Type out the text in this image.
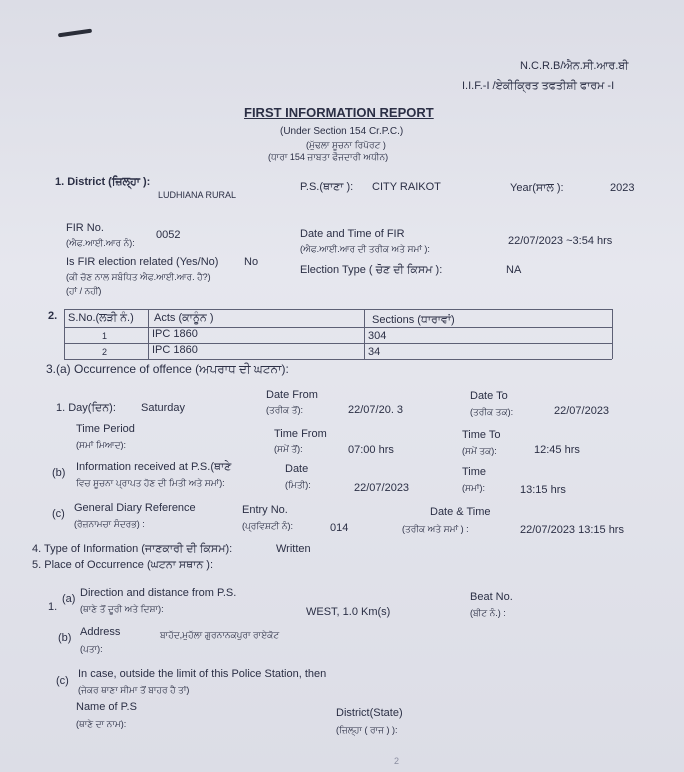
N.C.R.B/ਐਨ.ਸੀ.ਆਰ.ਬੀ
I.I.F.-I /ਏਕੀਕ੍ਰਿਤ ਤਫਤੀਸ਼ੀ ਫਾਰਮ -I
FIRST INFORMATION REPORT
(Under Section 154 Cr.P.C.)
(ਮੁੱਢਲਾ ਸੂਚਨਾ ਰਿਪੋਰਟ )
(ਧਾਰਾ 154 ਜ਼ਾਬਤਾ ਫੌਜਦਾਰੀ ਅਧੀਨ)
1. District (ਜ਼ਿਲ੍ਹਾ ):
LUDHIANA RURAL
P.S.(ਥਾਣਾ ): CITY RAIKOT	Year(ਸਾਲ ):	2023
FIR No.
(ਐਫ.ਆਈ.ਆਰ ਨੰ):
0052	Date and Time of FIR
(ਐਫ.ਆਈ.ਆਰ ਦੀ ਤਰੀਕ ਅਤੇ ਸਮਾਂ ):
22/07/2023 ~3:54 hrs
Is FIR election related (Yes/No) No
(ਕੀ ਚੋਣ ਨਾਲ ਸਬੰਧਿਤ ਐਫ.ਆਈ.ਆਰ. ਹੈ?)
(ਹਾਂ / ਨਹੀਂ)
Election Type ( ਚੋਣ ਦੀ ਕਿਸਮ ):	NA
2. S.No.(ਲੜੀ ਨੰ.) Acts (ਕਾਨੂੰਨ )	Sections (ਧਾਰਾਵਾਂ)
1	IPC 1860	304
2	IPC 1860	34
3.(a) Occurrence of offence (ਅਪਰਾਧ ਦੀ ਘਟਨਾ):
Date From
(ਤਰੀਕ ਤੋਂ):	22/07/20. 3
Date To
(ਤਰੀਕ ਤਕ):	22/07/2023
1. Day(ਦਿਨ): Saturday
Time Period
(ਸਮਾਂ ਮਿਆਦ):
Time From
(ਸਮੇਂ ਤੋਂ):	07:00 hrs
Time To
(ਸਮੇਂ ਤਕ):	12:45 hrs
(b) Information received at P.S.(ਥਾਣੇ
ਵਿਚ ਸੂਚਨਾ ਪ੍ਰਾਪਤ ਹੋਣ ਦੀ ਮਿਤੀ ਅਤੇ ਸਮਾਂ):
Date
(ਮਿਤੀ):	22/07/2023
Time
(ਸਮਾਂ):	13:15 hrs
(c) General Diary Reference
(ਰੋਜ਼ਨਾਮਚਾ ਸੰਦਰਭ) :
Entry No.
(ਪ੍ਰਵਿਸ਼ਟੀ ਨੰ):	014
Date & Time
(ਤਰੀਕ ਅਤੇ ਸਮਾਂ ) :	22/07/2023 13:15 hrs
4. Type of Information (ਜਾਣਕਾਰੀ ਦੀ ਕਿਸਮ):	Written
5. Place of Occurrence (ਘਟਨਾ ਸਥਾਨ ):
1.
(a) Direction and distance from P.S.
(ਥਾਣੇ ਤੋਂ ਦੂਰੀ ਅਤੇ ਦਿਸ਼ਾ):	WEST, 1.0 Km(s)
Beat No.
(ਬੀਟ ਨੰ.) :
(b) Address
(ਪਤਾ):
ਬਾਹੱਦ,ਮੁਹੱਲਾ ਗੁਰਨਾਨਕਪੁਰਾ ਰਾਏਕੋਟ
(c)
In case, outside the limit of this Police Station, then
(ਜੇਕਰ ਥਾਣਾ ਸੀਮਾ ਤੋਂ ਬਾਹਰ ਹੈ ਤਾਂ)
Name of P.S
(ਥਾਣੇ ਦਾ ਨਾਮ):
District(State)
(ਜ਼ਿਲ੍ਹਾ ( ਰਾਜ ) ):
2
